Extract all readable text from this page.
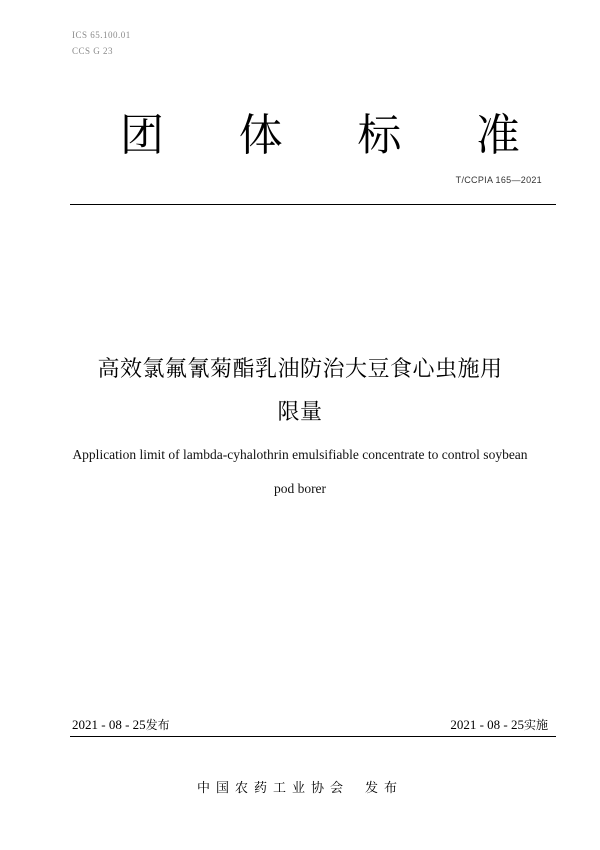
ICS 65.100.01
CCS G 23
团 体 标 准
T/CCPIA 165—2021
高效氯氟氰菊酯乳油防治大豆食心虫施用
限量
Application limit of lambda-cyhalothrin emulsifiable concentrate to control soybean
pod borer
2021 - 08 - 25发布	2021 - 08 - 25实施
中国农药工业协会 发布
